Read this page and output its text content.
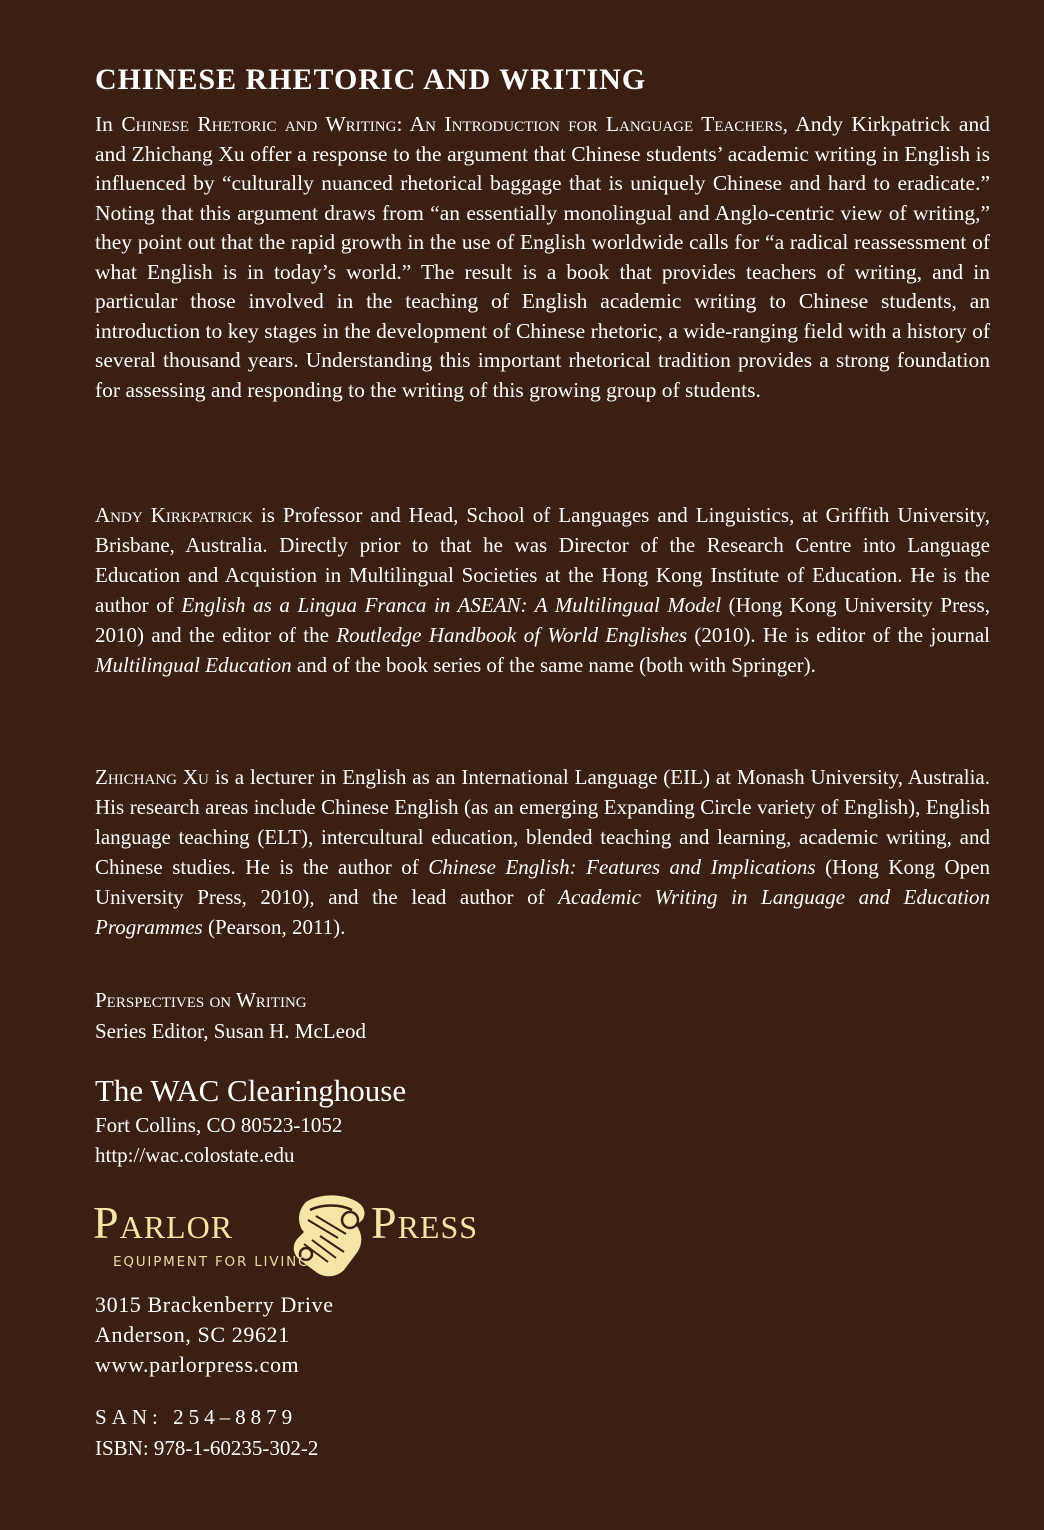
CHINESE RHETORIC AND WRITING

In Chinese Rhetoric and Writing: An Introduction for Language Teachers, Andy Kirkpatrick and and Zhichang Xu offer a response to the argument that Chinese students’ academic writing in English is influenced by “culturally nuanced rhetorical baggage that is uniquely Chinese and hard to eradicate.” Noting that this argument draws from “an essentially monolingual and Anglo-centric view of writing,” they point out that the rapid growth in the use of English worldwide calls for “a radical reassessment of what English is in today’s world.” The result is a book that provides teachers of writing, and in particular those involved in the teaching of English academic writing to Chinese students, an introduction to key stages in the development of Chinese rhetoric, a wide-ranging field with a history of several thousand years. Understanding this important rhetorical tradition provides a strong foundation for assessing and responding to the writing of this growing group of students.

Andy Kirkpatrick is Professor and Head, School of Languages and Linguistics, at Griffith University, Brisbane, Australia. Directly prior to that he was Director of the Research Centre into Language Education and Acquistion in Multilingual Societies at the Hong Kong Institute of Education. He is the author of English as a Lingua Franca in ASEAN: A Multilingual Model (Hong Kong University Press, 2010) and the editor of the Routledge Handbook of World Englishes (2010). He is editor of the journal Multilingual Education and of the book series of the same name (both with Springer).

Zhichang Xu is a lecturer in English as an International Language (EIL) at Monash University, Australia. His research areas include Chinese English (as an emerging Expanding Circle variety of English), English language teaching (ELT), intercultural education, blended teaching and learning, academic writing, and Chinese studies. He is the author of Chinese English: Features and Implications (Hong Kong Open University Press, 2010), and the lead author of Academic Writing in Language and Education Programmes (Pearson, 2011).

Perspectives on Writing
Series Editor, Susan H. McLeod
The WAC Clearinghouse
Fort Collins, CO 80523-1052
http://wac.colostate.edu
Parlor	Press
EQUIPMENT FOR LIVING
3015 Brackenberry Drive
Anderson, SC 29621
www.parlorpress.com
SAN: 254–8879
ISBN: 978-1-60235-302-2
